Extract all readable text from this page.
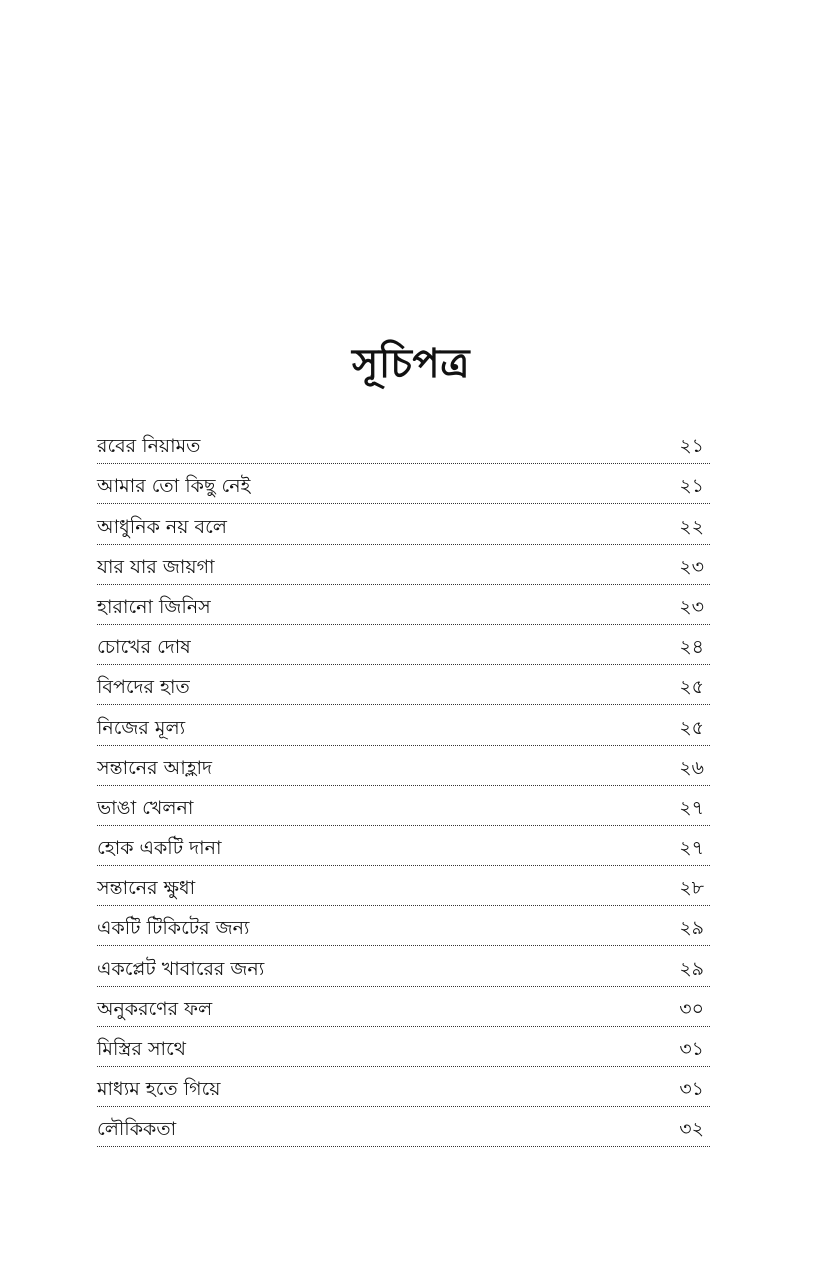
সূচিপত্র
রবের নিয়ামত	২১
আমার তো কিছু নেই	২১
আধুনিক নয় বলে	২২
যার যার জায়গা	২৩
হারানো জিনিস	২৩
চোখের দোষ	২৪
বিপদের হাত	২৫
নিজের মূল্য	২৫
সন্তানের আহ্লাদ	২৬
ভাঙা খেলনা	২৭
হোক একটি দানা	২৭
সন্তানের ক্ষুধা	২৮
একটি টিকিটের জন্য	২৯
একপ্লেট খাবারের জন্য	২৯
অনুকরণের ফল	৩০
মিস্ত্রির সাথে	৩১
মাধ্যম হতে গিয়ে	৩১
লৌকিকতা	৩২
